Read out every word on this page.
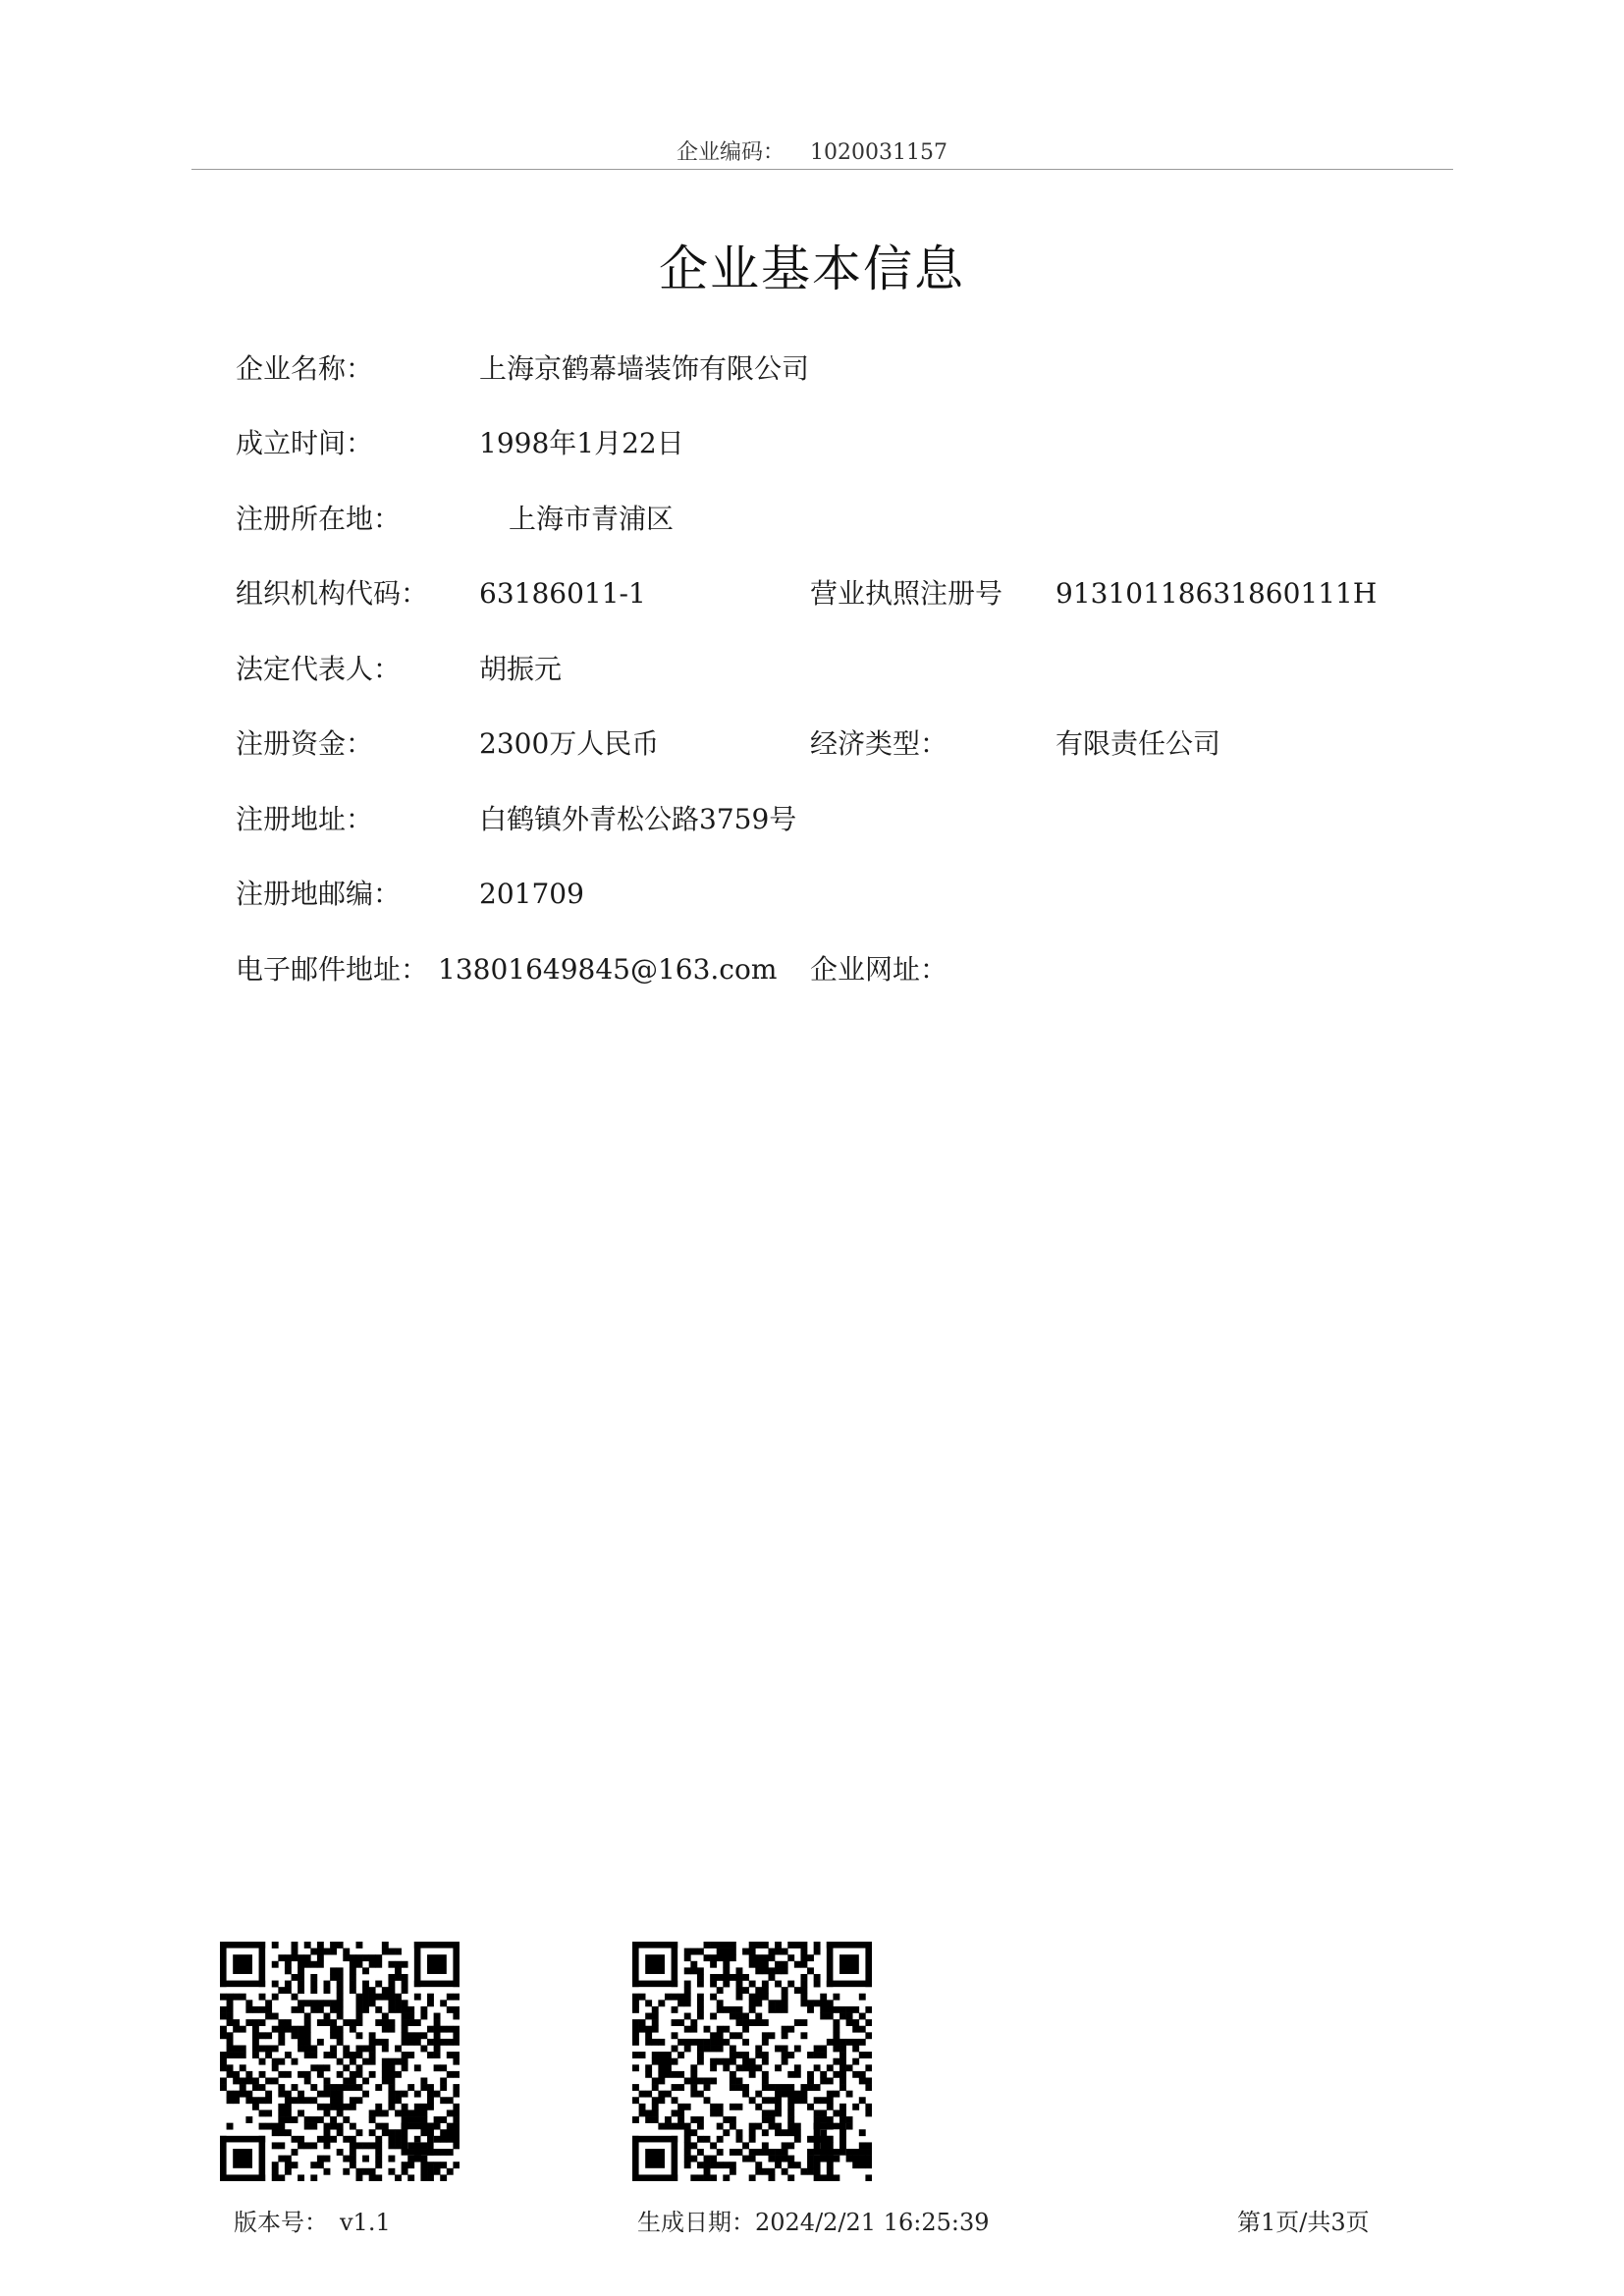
企业编码： 1020031157
企业基本信息
企业名称：	上海京鹤幕墙装饰有限公司
成立时间：	1998年1月22日
注册所在地：	上海市青浦区
组织机构代码： 63186011-1	营业执照注册号 91310118631860111H
法定代表人：	胡振元
注册资金：	2300万人民币	经济类型：	有限责任公司
注册地址：	白鹤镇外青松公路3759号
注册地邮编：	201709
电子邮件地址： 13801649845@163.com 企业网址：
版本号： v1.1	生成日期：2024/2/21 16:25:39	第1页/共3页
